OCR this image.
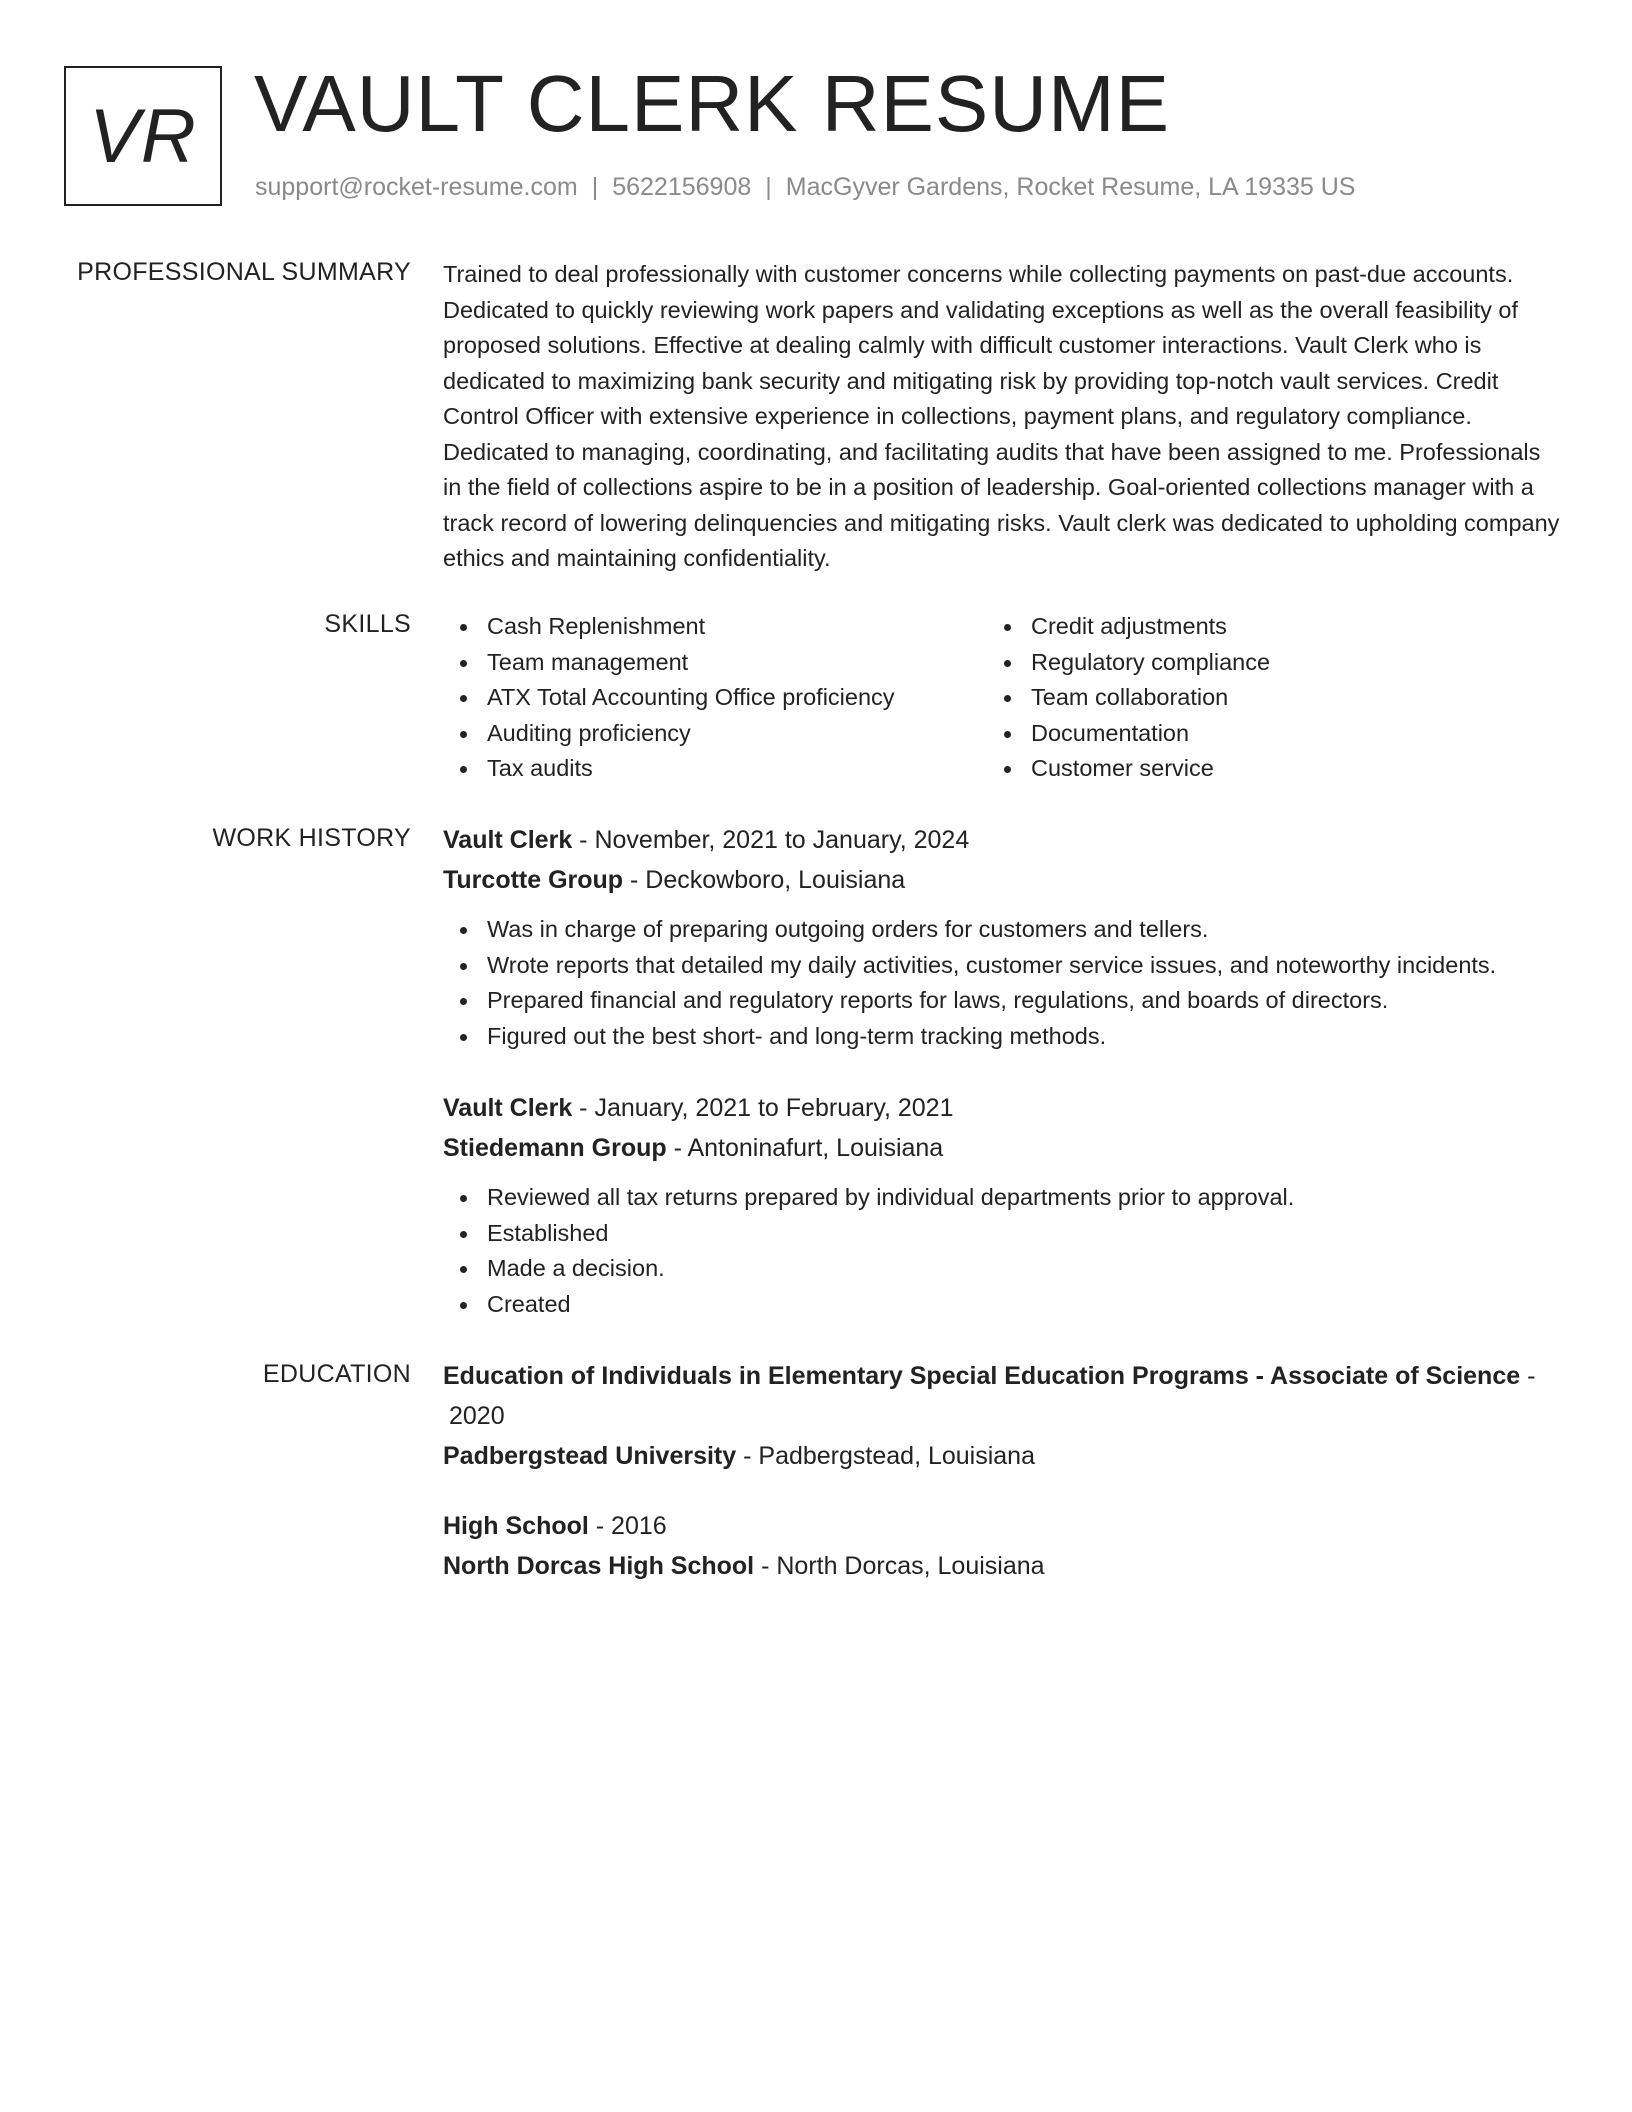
VR VAULT CLERK RESUME
support@rocket-resume.com | 5622156908 | MacGyver Gardens, Rocket Resume, LA 19335 US
PROFESSIONAL SUMMARY Trained to deal professionally with customer concerns while collecting payments on past-due accounts. Dedicated to quickly reviewing work papers and validating exceptions as well as the overall feasibility of proposed solutions. Effective at dealing calmly with difficult customer interactions. Vault Clerk who is dedicated to maximizing bank security and mitigating risk by providing top-notch vault services. Credit Control Officer with extensive experience in collections, payment plans, and regulatory compliance. Dedicated to managing, coordinating, and facilitating audits that have been assigned to me. Professionals in the field of collections aspire to be in a position of leadership. Goal-oriented collections manager with a track record of lowering delinquencies and mitigating risks. Vault clerk was dedicated to upholding company ethics and maintaining confidentiality.

SKILLS	Cash Replenishment
Team management
ATX Total Accounting Office proficiency
Auditing proficiency
Tax audits
Credit adjustments
Regulatory compliance
Team collaboration
Documentation
Customer service
WORK HISTORY Vault Clerk - November, 2021 to January, 2024
Turcotte Group - Deckowboro, Louisiana
Was in charge of preparing outgoing orders for customers and tellers.
Wrote reports that detailed my daily activities, customer service issues, and noteworthy incidents.
Prepared financial and regulatory reports for laws, regulations, and boards of directors.
Figured out the best short- and long-term tracking methods.
Vault Clerk - January, 2021 to February, 2021
Stiedemann Group - Antoninafurt, Louisiana
Reviewed all tax returns prepared by individual departments prior to approval.
Established
Made a decision.
Created
EDUCATION Education of Individuals in Elementary Special Education Programs - Associate of Science -
2020
Padbergstead University - Padbergstead, Louisiana
High School - 2016
North Dorcas High School - North Dorcas, Louisiana
